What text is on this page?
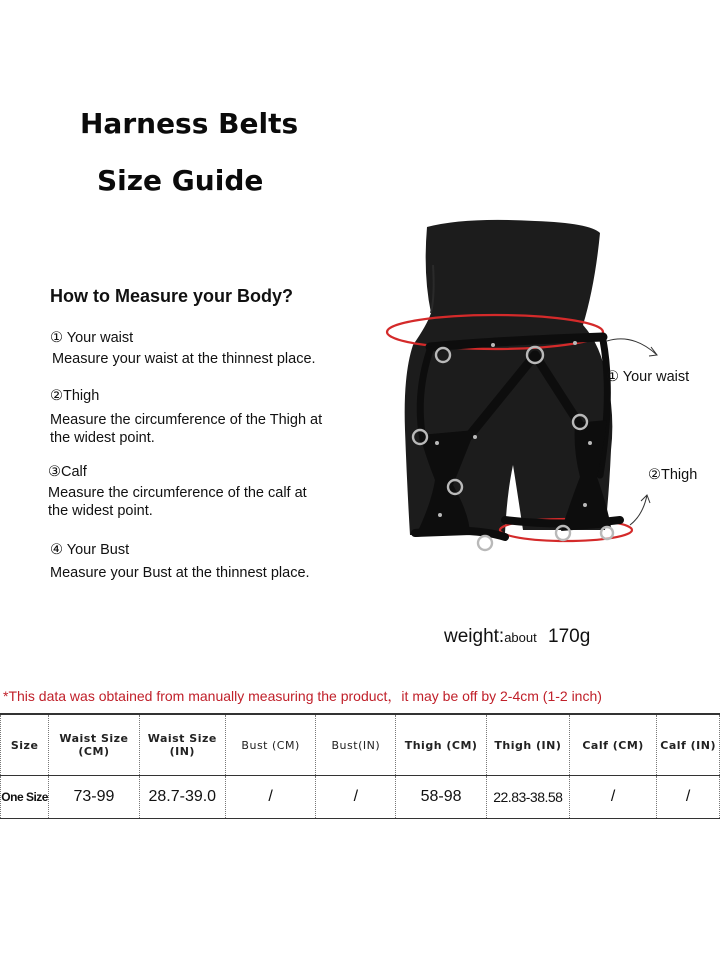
Harness Belts
Size Guide
How to Measure your Body?
① Your waist
Measure your waist at the thinnest place.
②Thigh
Measure the circumference of the Thigh at the widest point.
③Calf
Measure the circumference of the calf at the widest point.
④ Your Bust
Measure your Bust at the thinnest place.
① Your waist
②Thigh
weight:about 170g
*This data was obtained from manually measuring the product，it may be off by 2-4cm (1-2 inch)
Size	Waist Size (CM)	Waist Size (IN)	Bust (CM)	Bust(IN)	Thigh (CM)	Thigh (IN)	Calf (CM)	Calf (IN)
One Size	73-99	28.7-39.0	/	/	58-98	22.83-38.58	/	/
